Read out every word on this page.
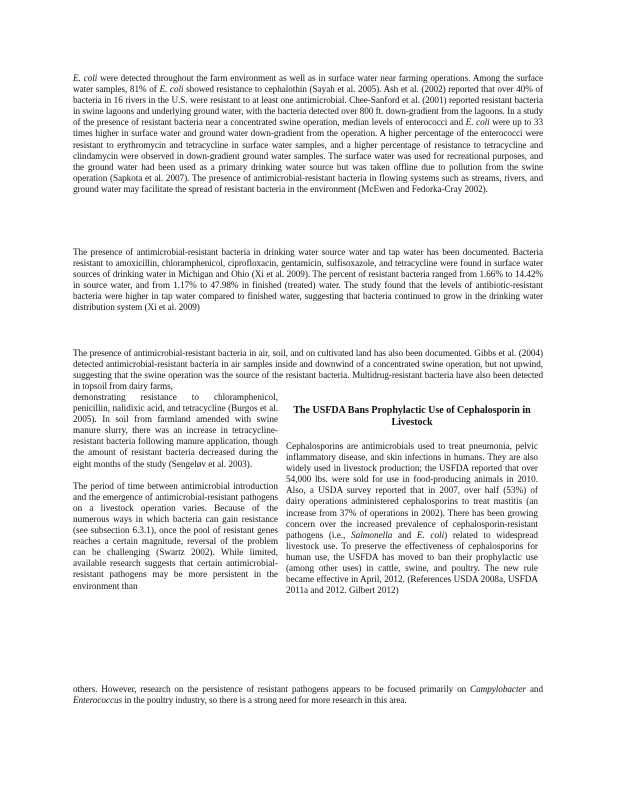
E. coli were detected throughout the farm environment as well as in surface water near farming operations. Among the surface water samples, 81% of E. coli showed resistance to cephalothin (Sayah et al. 2005). Ash et al. (2002) reported that over 40% of bacteria in 16 rivers in the U.S. were resistant to at least one antimicrobial. Chee-Sanford et al. (2001) reported resistant bacteria in swine lagoons and underlying ground water, with the bacteria detected over 800 ft. down-gradient from the lagoons. In a study of the presence of resistant bacteria near a concentrated swine operation, median levels of enterococci and E. coli were up to 33 times higher in surface water and ground water down-gradient from the operation. A higher percentage of the enterococci were resistant to erythromycin and tetracycline in surface water samples, and a higher percentage of resistance to tetracycline and clindamycin were observed in down-gradient ground water samples. The surface water was used for recreational purposes, and the ground water had been used as a primary drinking water source but was taken offline due to pollution from the swine operation (Sapkota et al. 2007). The presence of antimicrobial-resistant bacteria in flowing systems such as streams, rivers, and ground water may facilitate the spread of resistant bacteria in the environment (McEwen and Fedorka-Cray 2002).

The presence of antimicrobial-resistant bacteria in drinking water source water and tap water has been documented. Bacteria resistant to amoxicillin, chloramphenicol, ciprofloxacin, gentamicin, sulfisoxazole, and tetracycline were found in surface water sources of drinking water in Michigan and Ohio (Xi et al. 2009). The percent of resistant bacteria ranged from 1.66% to 14.42% in source water, and from 1.17% to 47.98% in finished (treated) water. The study found that the levels of antibiotic-resistant bacteria were higher in tap water compared to finished water, suggesting that bacteria continued to grow in the drinking water distribution system (Xi et al. 2009)

The presence of antimicrobial-resistant bacteria in air, soil, and on cultivated land has also been documented. Gibbs et al. (2004) detected antimicrobial-resistant bacteria in air samples inside and downwind of a concentrated swine operation, but not upwind, suggesting that the swine operation was the source of the resistant bacteria. Multidrug-resistant bacteria have also been detected in topsoil from dairy farms,

demonstrating resistance to chloramphenicol, penicillin, nalidixic acid, and tetracycline (Burgos et al. 2005). In soil from farmland amended with swine manure slurry, there was an increase in tetracycline-resistant bacteria following manure application, though the amount of resistant bacteria decreased during the eight months of the study (Sengeløv et al. 2003).

The period of time between antimicrobial introduction and the emergence of antimicrobial-resistant pathogens on a livestock operation varies. Because of the numerous ways in which bacteria can gain resistance (see subsection 6.3.1), once the pool of resistant genes reaches a certain magnitude, reversal of the problem can be challenging (Swartz 2002). While limited, available research suggests that certain antimicrobial-resistant pathogens may be more persistent in the environment than

The USFDA Bans Prophylactic Use of Cephalosporin in Livestock

Cephalosporins are antimicrobials used to treat pneumonia, pelvic inflammatory disease, and skin infections in humans. They are also widely used in livestock production; the USFDA reported that over 54,000 lbs. were sold for use in food-producing animals in 2010. Also, a USDA survey reported that in 2007, over half (53%) of dairy operations administered cephalosporins to treat mastitis (an increase from 37% of operations in 2002). There has been growing concern over the increased prevalence of cephalosporin-resistant pathogens (i.e., Salmonella and E. coli) related to widespread livestock use. To preserve the effectiveness of cephalosporins for human use, the USFDA has moved to ban their prophylactic use (among other uses) in cattle, swine, and poultry. The new rule became effective in April, 2012. (References USDA 2008a, USFDA 2011a and 2012. Gilbert 2012)

others. However, research on the persistence of resistant pathogens appears to be focused primarily on Campylobacter and Enterococcus in the poultry industry, so there is a strong need for more research in this area.
